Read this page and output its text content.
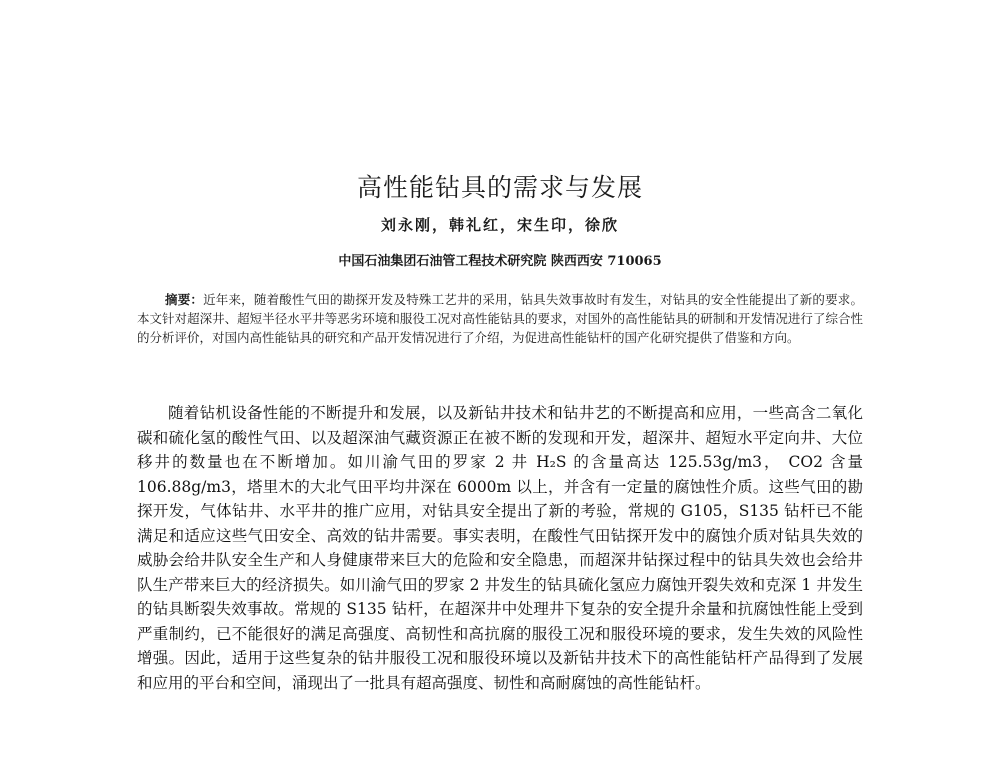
高性能钻具的需求与发展
刘永刚，韩礼红，宋生印，徐欣
中国石油集团石油管工程技术研究院 陕西西安 710065
摘要：近年来，随着酸性气田的勘探开发及特殊工艺井的采用，钻具失效事故时有发生，对钻具的安全性能提出了新的要求。本文针对超深井、超短半径水平井等恶劣环境和服役工况对高性能钻具的要求，对国外的高性能钻具的研制和开发情况进行了综合性的分析评价，对国内高性能钻具的研究和产品开发情况进行了介绍，为促进高性能钻杆的国产化研究提供了借鉴和方向。
随着钻机设备性能的不断提升和发展，以及新钻井技术和钻井艺的不断提高和应用，一些高含二氧化碳和硫化氢的酸性气田、以及超深油气藏资源正在被不断的发现和开发，超深井、超短水平定向井、大位移井的数量也在不断增加。如川渝气田的罗家 2 井 H₂S 的含量高达 125.53g/m3， CO2 含量 106.88g/m3，塔里木的大北气田平均井深在 6000m 以上，并含有一定量的腐蚀性介质。这些气田的勘探开发，气体钻井、水平井的推广应用，对钻具安全提出了新的考验，常规的 G105，S135 钻杆已不能满足和适应这些气田安全、高效的钻井需要。事实表明，在酸性气田钻探开发中的腐蚀介质对钻具失效的威胁会给井队安全生产和人身健康带来巨大的危险和安全隐患，而超深井钻探过程中的钻具失效也会给井队生产带来巨大的经济损失。如川渝气田的罗家 2 井发生的钻具硫化氢应力腐蚀开裂失效和克深 1 井发生的钻具断裂失效事故。常规的 S135 钻杆，在超深井中处理井下复杂的安全提升余量和抗腐蚀性能上受到严重制约，已不能很好的满足高强度、高韧性和高抗腐的服役工况和服役环境的要求，发生失效的风险性增强。因此，适用于这些复杂的钻井服役工况和服役环境以及新钻井技术下的高性能钻杆产品得到了发展和应用的平台和空间，涌现出了一批具有超高强度、韧性和高耐腐蚀的高性能钻杆。
